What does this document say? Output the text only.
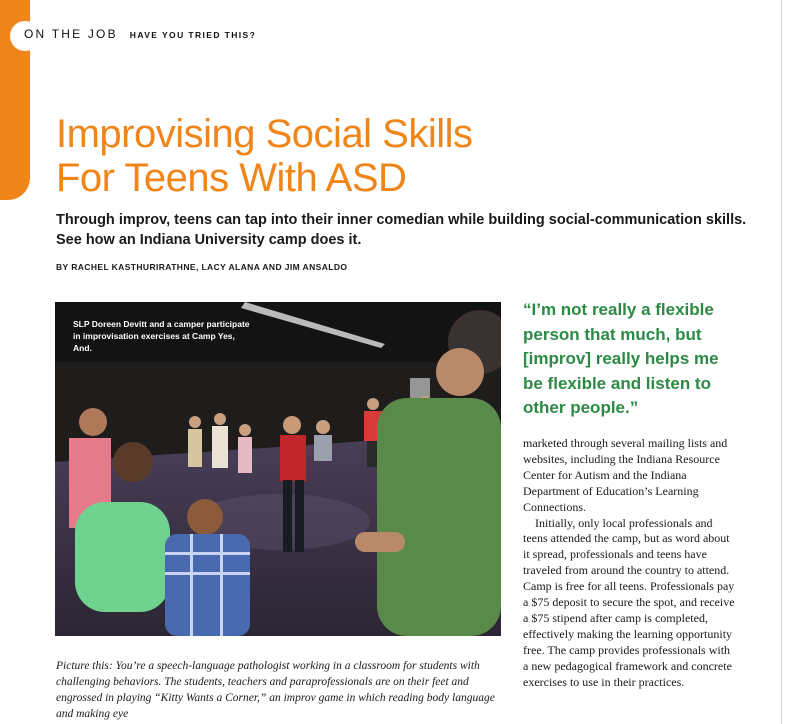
ON THE JOB HAVE YOU TRIED THIS?
Improvising Social Skills
For Teens With ASD

Through improv, teens can tap into their inner comedian while building social-communication skills. See how an Indiana University camp does it.

BY RACHEL KASTHURIRATHNE, LACY ALANA AND JIM ANSALDO
SLP Doreen Devitt and a camper participate in improvisation exercises at Camp Yes, And.

“I’m not really a flexible person that much, but [improv] really helps me be flexible and listen to other people.”

marketed through several mailing lists and websites, including the Indiana Resource Center for Autism and the Indiana Department of Education’s Learning Connections.

Initially, only local professionals and teens attended the camp, but as word about it spread, professionals and teens have traveled from around the country to attend. Camp is free for all teens. Professionals pay a $75 deposit to secure the spot, and receive a $75 stipend after camp is completed, effectively making the learning opportunity free. The camp provides professionals with a new pedagogical framework and concrete exercises to use in their practices.

Picture this: You’re a speech-language pathologist working in a classroom for students with challenging behaviors. The students, teachers and paraprofessionals are on their feet and engrossed in playing “Kitty Wants a Corner,” an improv game in which reading body language and making eye
